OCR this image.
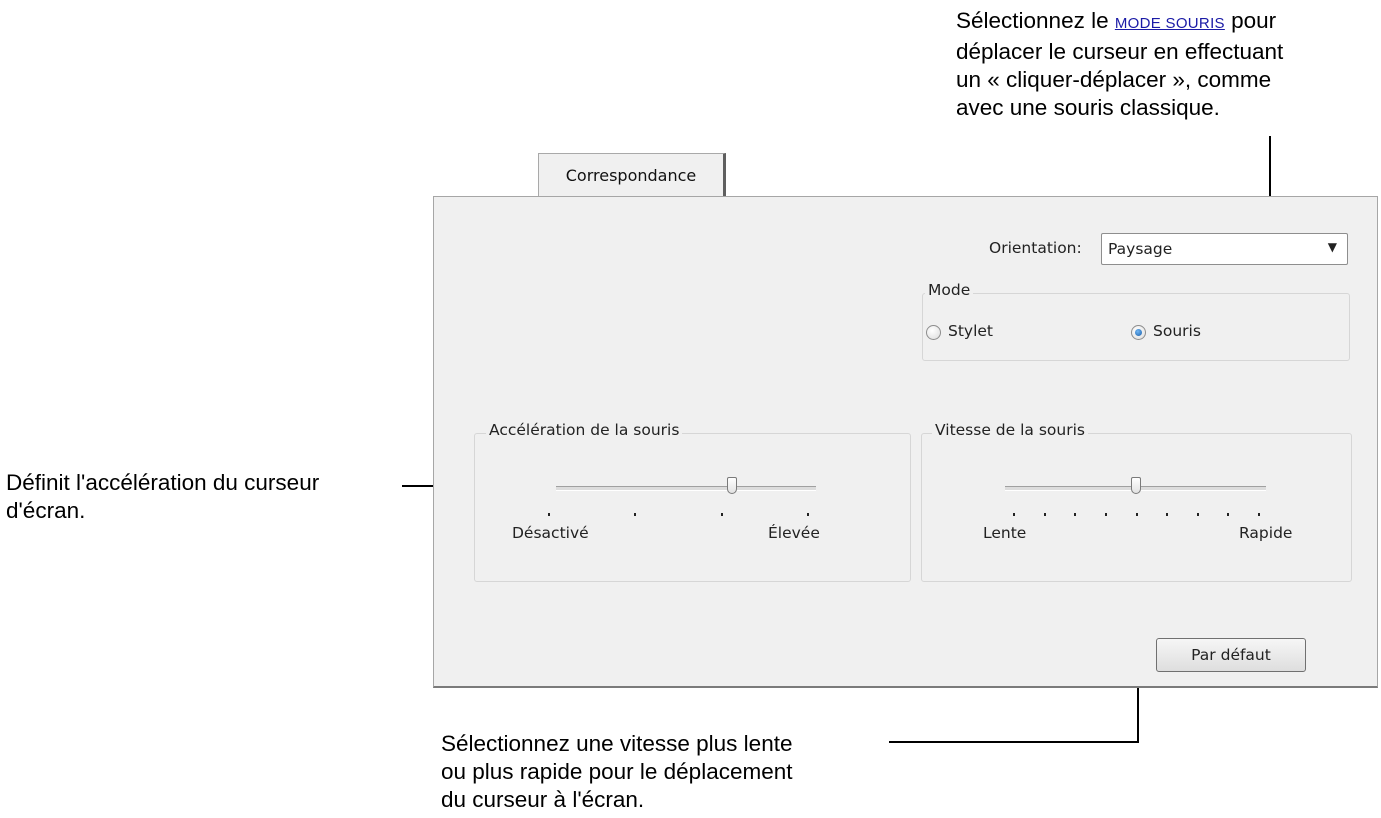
Sélectionnez le MODE SOURIS pour
déplacer le curseur en effectuant
un « cliquer-déplacer », comme
avec une souris classique.
Définit l'accélération du curseur
d'écran.
Sélectionnez une vitesse plus lente
ou plus rapide pour le déplacement
du curseur à l'écran.
Correspondance
Orientation: Paysage	▼
Mode
Stylet	Souris
Accélération de la souris
Désactivé	Élevée
Vitesse de la souris
Lente	Rapide
Par défaut
